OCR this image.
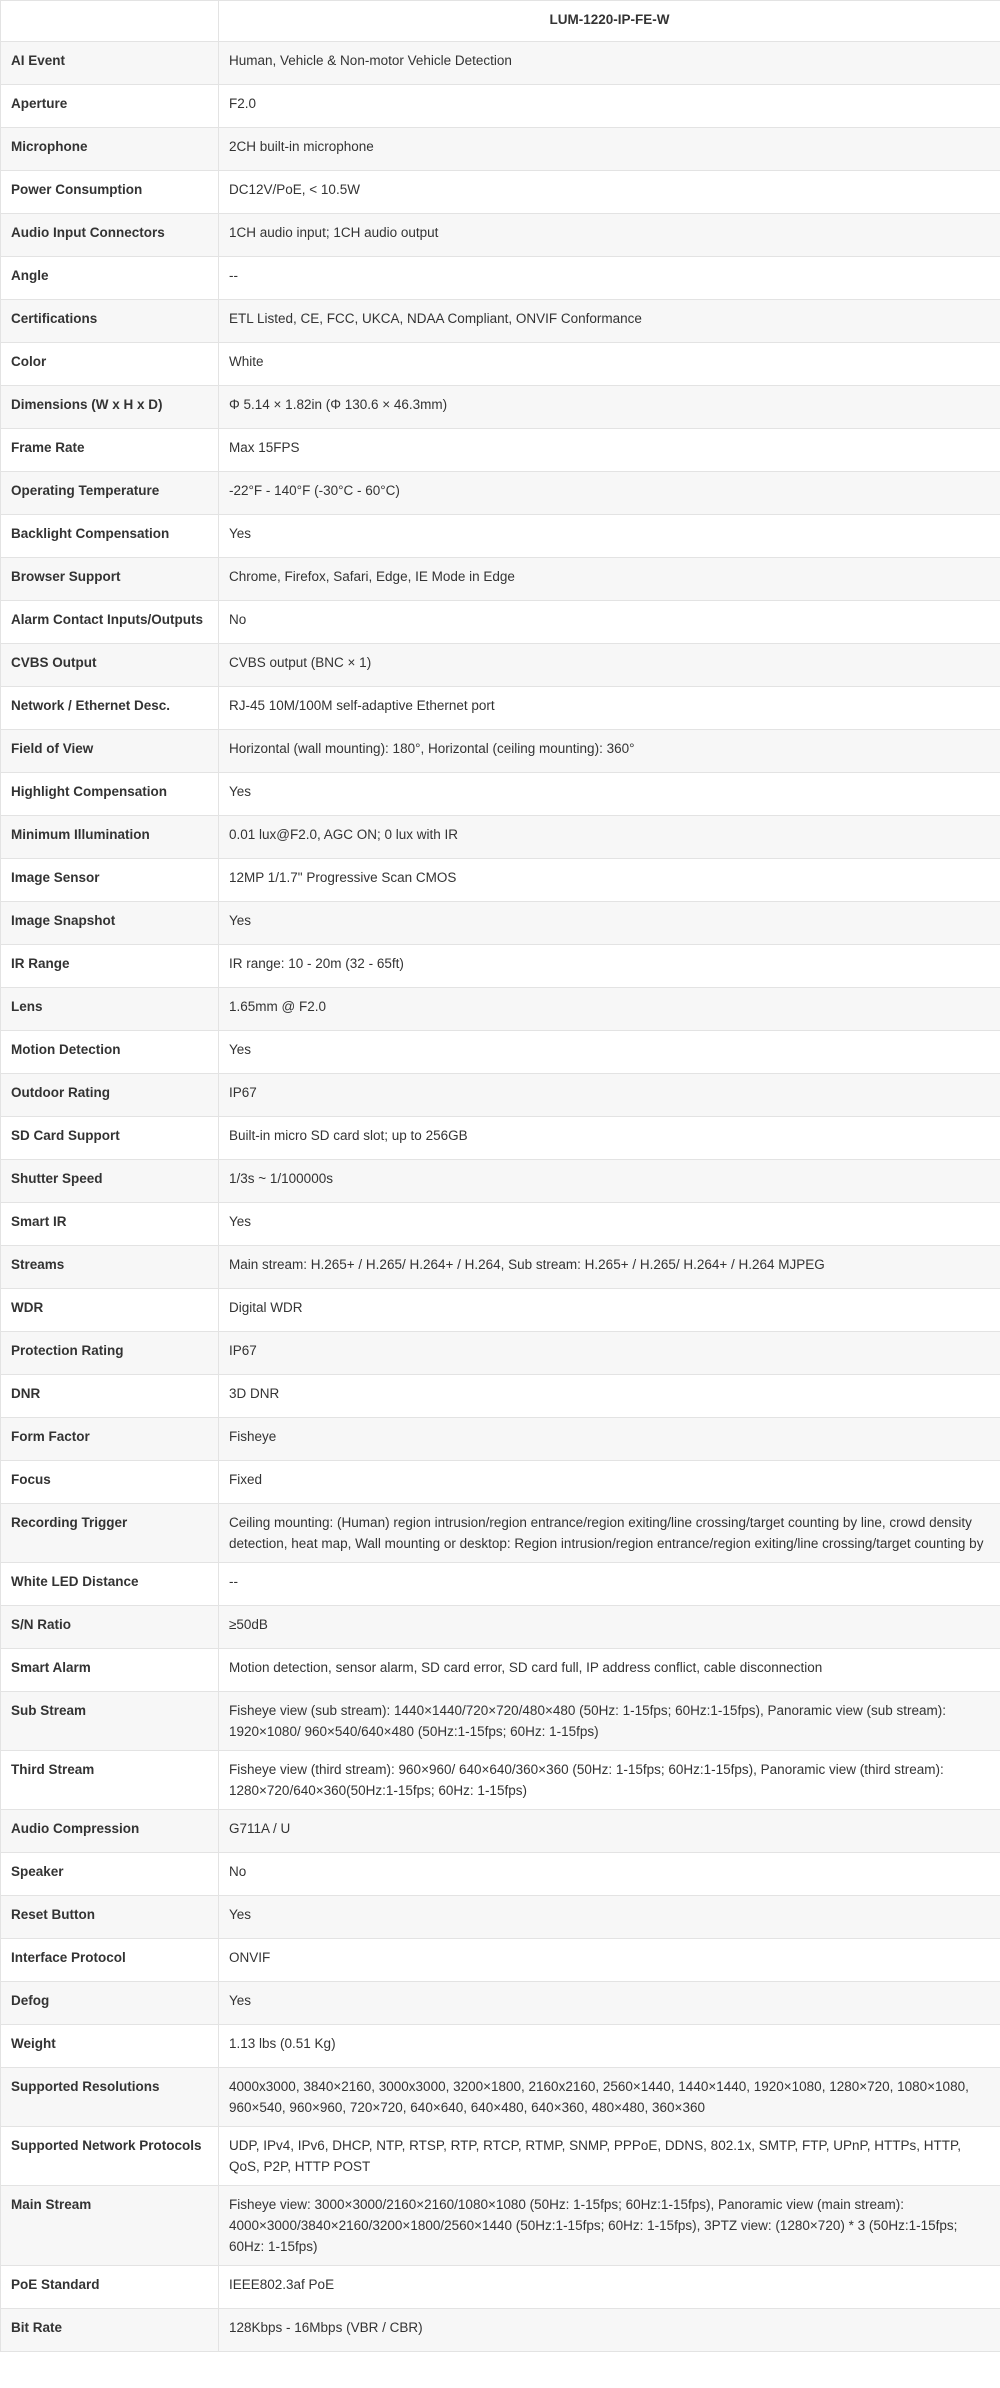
	LUM-1220-IP-FE-W
AI Event	Human, Vehicle & Non-motor Vehicle Detection
Aperture	F2.0
Microphone	2CH built-in microphone
Power Consumption	DC12V/PoE, < 10.5W
Audio Input Connectors	1CH audio input; 1CH audio output
Angle	--
Certifications	ETL Listed, CE, FCC, UKCA, NDAA Compliant, ONVIF Conformance
Color	White
Dimensions (W x H x D)	Φ 5.14 × 1.82in (Φ 130.6 × 46.3mm)
Frame Rate	Max 15FPS
Operating Temperature	-22°F - 140°F (-30°C - 60°C)
Backlight Compensation	Yes
Browser Support	Chrome, Firefox, Safari, Edge, IE Mode in Edge
Alarm Contact Inputs/Outputs	No
CVBS Output	CVBS output (BNC × 1)
Network / Ethernet Desc.	RJ-45 10M/100M self-adaptive Ethernet port
Field of View	Horizontal (wall mounting): 180°, Horizontal (ceiling mounting): 360°
Highlight Compensation	Yes
Minimum Illumination	0.01 lux@F2.0, AGC ON; 0 lux with IR
Image Sensor	12MP 1/1.7" Progressive Scan CMOS
Image Snapshot	Yes
IR Range	IR range: 10 - 20m (32 - 65ft)
Lens	1.65mm @ F2.0
Motion Detection	Yes
Outdoor Rating	IP67
SD Card Support	Built-in micro SD card slot; up to 256GB
Shutter Speed	1/3s ~ 1/100000s
Smart IR	Yes
Streams	Main stream: H.265+ / H.265/ H.264+ / H.264, Sub stream: H.265+ / H.265/ H.264+ / H.264 MJPEG
WDR	Digital WDR
Protection Rating	IP67
DNR	3D DNR
Form Factor	Fisheye
Focus	Fixed
Recording Trigger	Ceiling mounting: (Human) region intrusion/region entrance/region exiting/line crossing/target counting by line, crowd density detection, heat map, Wall mounting or desktop: Region intrusion/region entrance/region exiting/line crossing/target counting by
White LED Distance	--
S/N Ratio	≥50dB
Smart Alarm	Motion detection, sensor alarm, SD card error, SD card full, IP address conflict, cable disconnection
Sub Stream	Fisheye view (sub stream): 1440×1440/720×720/480×480 (50Hz: 1-15fps; 60Hz:1-15fps), Panoramic view (sub stream): 1920×1080/ 960×540/640×480 (50Hz:1-15fps; 60Hz: 1-15fps)
Third Stream	Fisheye view (third stream): 960×960/ 640×640/360×360 (50Hz: 1-15fps; 60Hz:1-15fps), Panoramic view (third stream): 1280×720/640×360(50Hz:1-15fps; 60Hz: 1-15fps)
Audio Compression	G711A / U
Speaker	No
Reset Button	Yes
Interface Protocol	ONVIF
Defog	Yes
Weight	1.13 lbs (0.51 Kg)
Supported Resolutions	4000x3000, 3840×2160, 3000x3000, 3200×1800, 2160x2160, 2560×1440, 1440×1440, 1920×1080, 1280×720, 1080×1080, 960×540, 960×960, 720×720, 640×640, 640×480, 640×360, 480×480, 360×360
Supported Network Protocols	UDP, IPv4, IPv6, DHCP, NTP, RTSP, RTP, RTCP, RTMP, SNMP, PPPoE, DDNS, 802.1x, SMTP, FTP, UPnP, HTTPs, HTTP, QoS, P2P, HTTP POST
Main Stream	Fisheye view: 3000×3000/2160×2160/1080×1080 (50Hz: 1-15fps; 60Hz:1-15fps), Panoramic view (main stream): 4000×3000/3840×2160/3200×1800/2560×1440 (50Hz:1-15fps; 60Hz: 1-15fps), 3PTZ view: (1280×720) * 3 (50Hz:1-15fps; 60Hz: 1-15fps)
PoE Standard	IEEE802.3af PoE
Bit Rate	128Kbps - 16Mbps (VBR / CBR)
